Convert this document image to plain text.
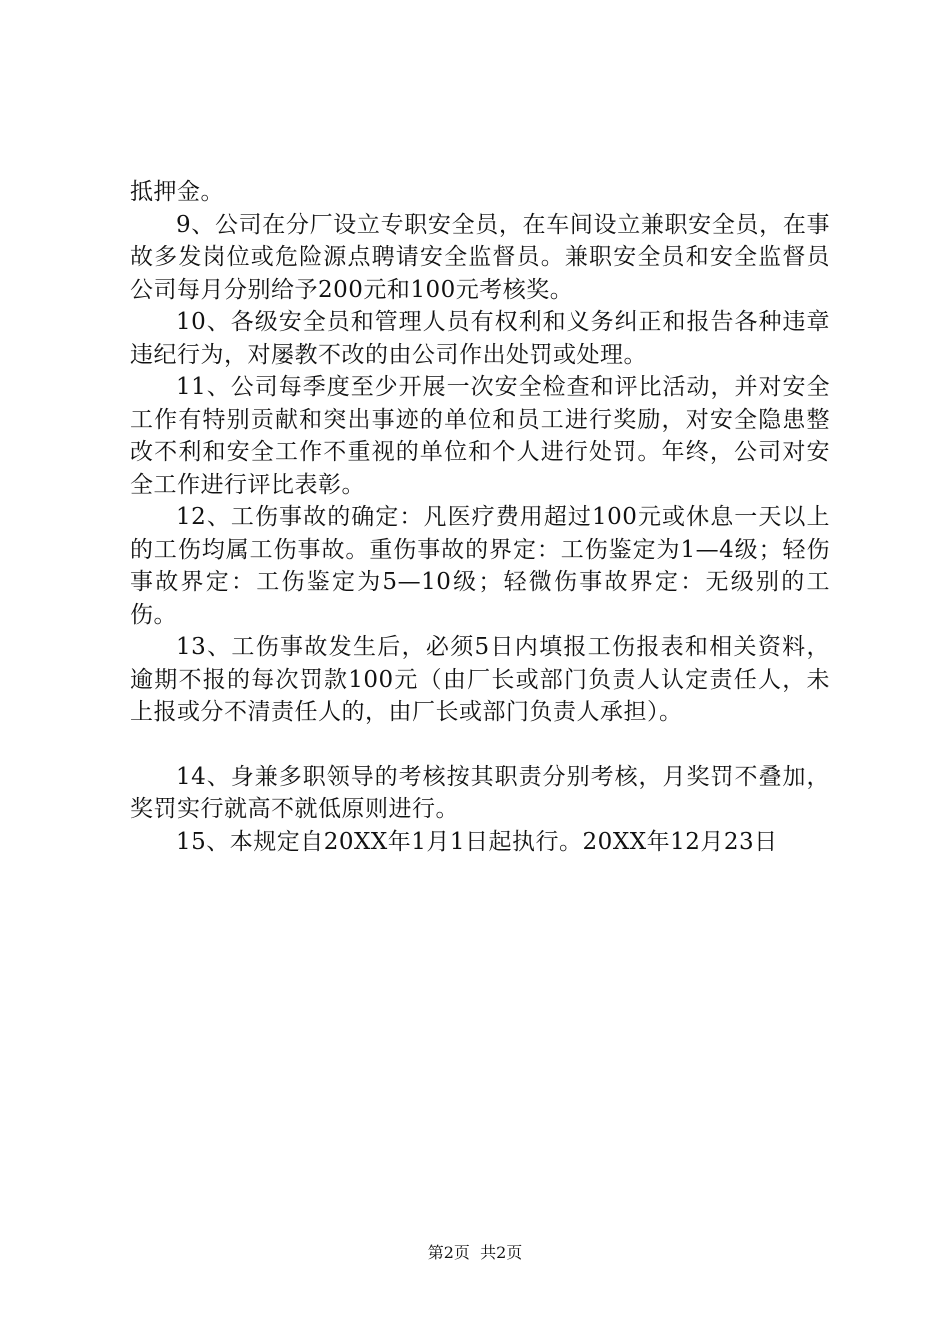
抵押金。

9、公司在分厂设立专职安全员，在车间设立兼职安全员，在事故多发岗位或危险源点聘请安全监督员。兼职安全员和安全监督员公司每月分别给予200元和100元考核奖。

10、各级安全员和管理人员有权利和义务纠正和报告各种违章违纪行为，对屡教不改的由公司作出处罚或处理。

11、公司每季度至少开展一次安全检查和评比活动，并对安全工作有特别贡献和突出事迹的单位和员工进行奖励，对安全隐患整改不利和安全工作不重视的单位和个人进行处罚。年终，公司对安全工作进行评比表彰。

12、工伤事故的确定：凡医疗费用超过100元或休息一天以上的工伤均属工伤事故。重伤事故的界定：工伤鉴定为1—4级；轻伤事故界定：工伤鉴定为5—10级；轻微伤事故界定：无级别的工伤。

13、工伤事故发生后，必须5日内填报工伤报表和相关资料，逾期不报的每次罚款100元（由厂长或部门负责人认定责任人，未上报或分不清责任人的，由厂长或部门负责人承担）。

14、身兼多职领导的考核按其职责分别考核，月奖罚不叠加，奖罚实行就高不就低原则进行。

15、本规定自20XX年1月1日起执行。20XX年12月23日

第2页  共2页
